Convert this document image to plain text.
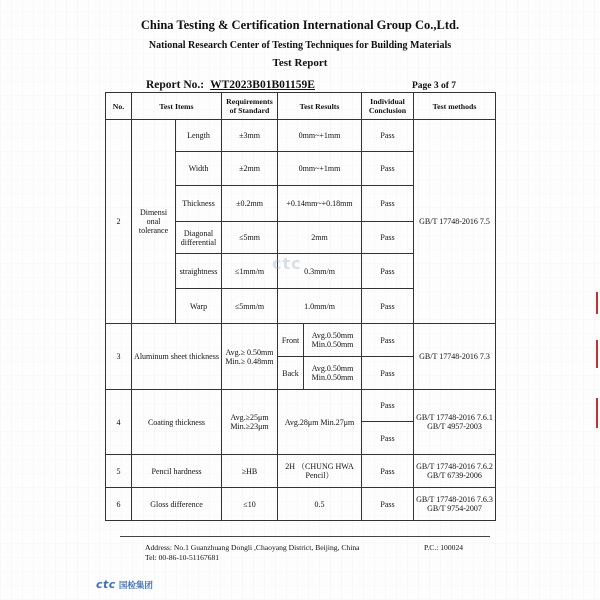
China Testing & Certification International Group Co.,Ltd.
National Research Center of Testing Techniques for Building Materials
Test Report
Report No.: WT2023B01B01159E	Page 3 of 7
No.	Test Items		Requirements of Standard	Test Results		Individual Conclusion	Test methods
2	Dimensi onal tolerance	Length	±3mm	0mm~+1mm		Pass	GB/T 17748-2016 7.5
		Width	±2mm	0mm~+1mm		Pass	
		Thickness	±0.2mm	+0.14mm~+0.18mm		Pass	
		Diagonal differential	≤5mm	2mm		Pass	
		straightness	≤1mm/m	0.3mm/m		Pass	
		Warp	≤5mm/m	1.0mm/m		Pass	
3	Aluminum sheet thickness		Avg.≥ 0.50mm Min.≥ 0.48mm	Front	Avg.0.50mm Min.0.50mm	Pass	GB/T 17748-2016 7.3
				Back	Avg.0.50mm Min.0.50mm	Pass	
4	Coating thickness		Avg.≥25μm Min.≥23μm	Avg.28μm Min.27μm		Pass	GB/T 17748-2016 7.6.1 GB/T 4957-2003
						Pass	
5	Pencil hardness		≥HB	2H （CHUNG HWA Pencil）		Pass	GB/T 17748-2016 7.6.2 GB/T 6739-2006
6	Gloss difference		≤10	0.5		Pass	GB/T 17748-2016 7.6.3 GB/T 9754-2007
ctc
Address: No.1 Guanzhuang Dongli ,Chaoyang District, Beijing, China	P.C.: 100024
Tel: 00-86-10-51167681
ctc 国检集团
